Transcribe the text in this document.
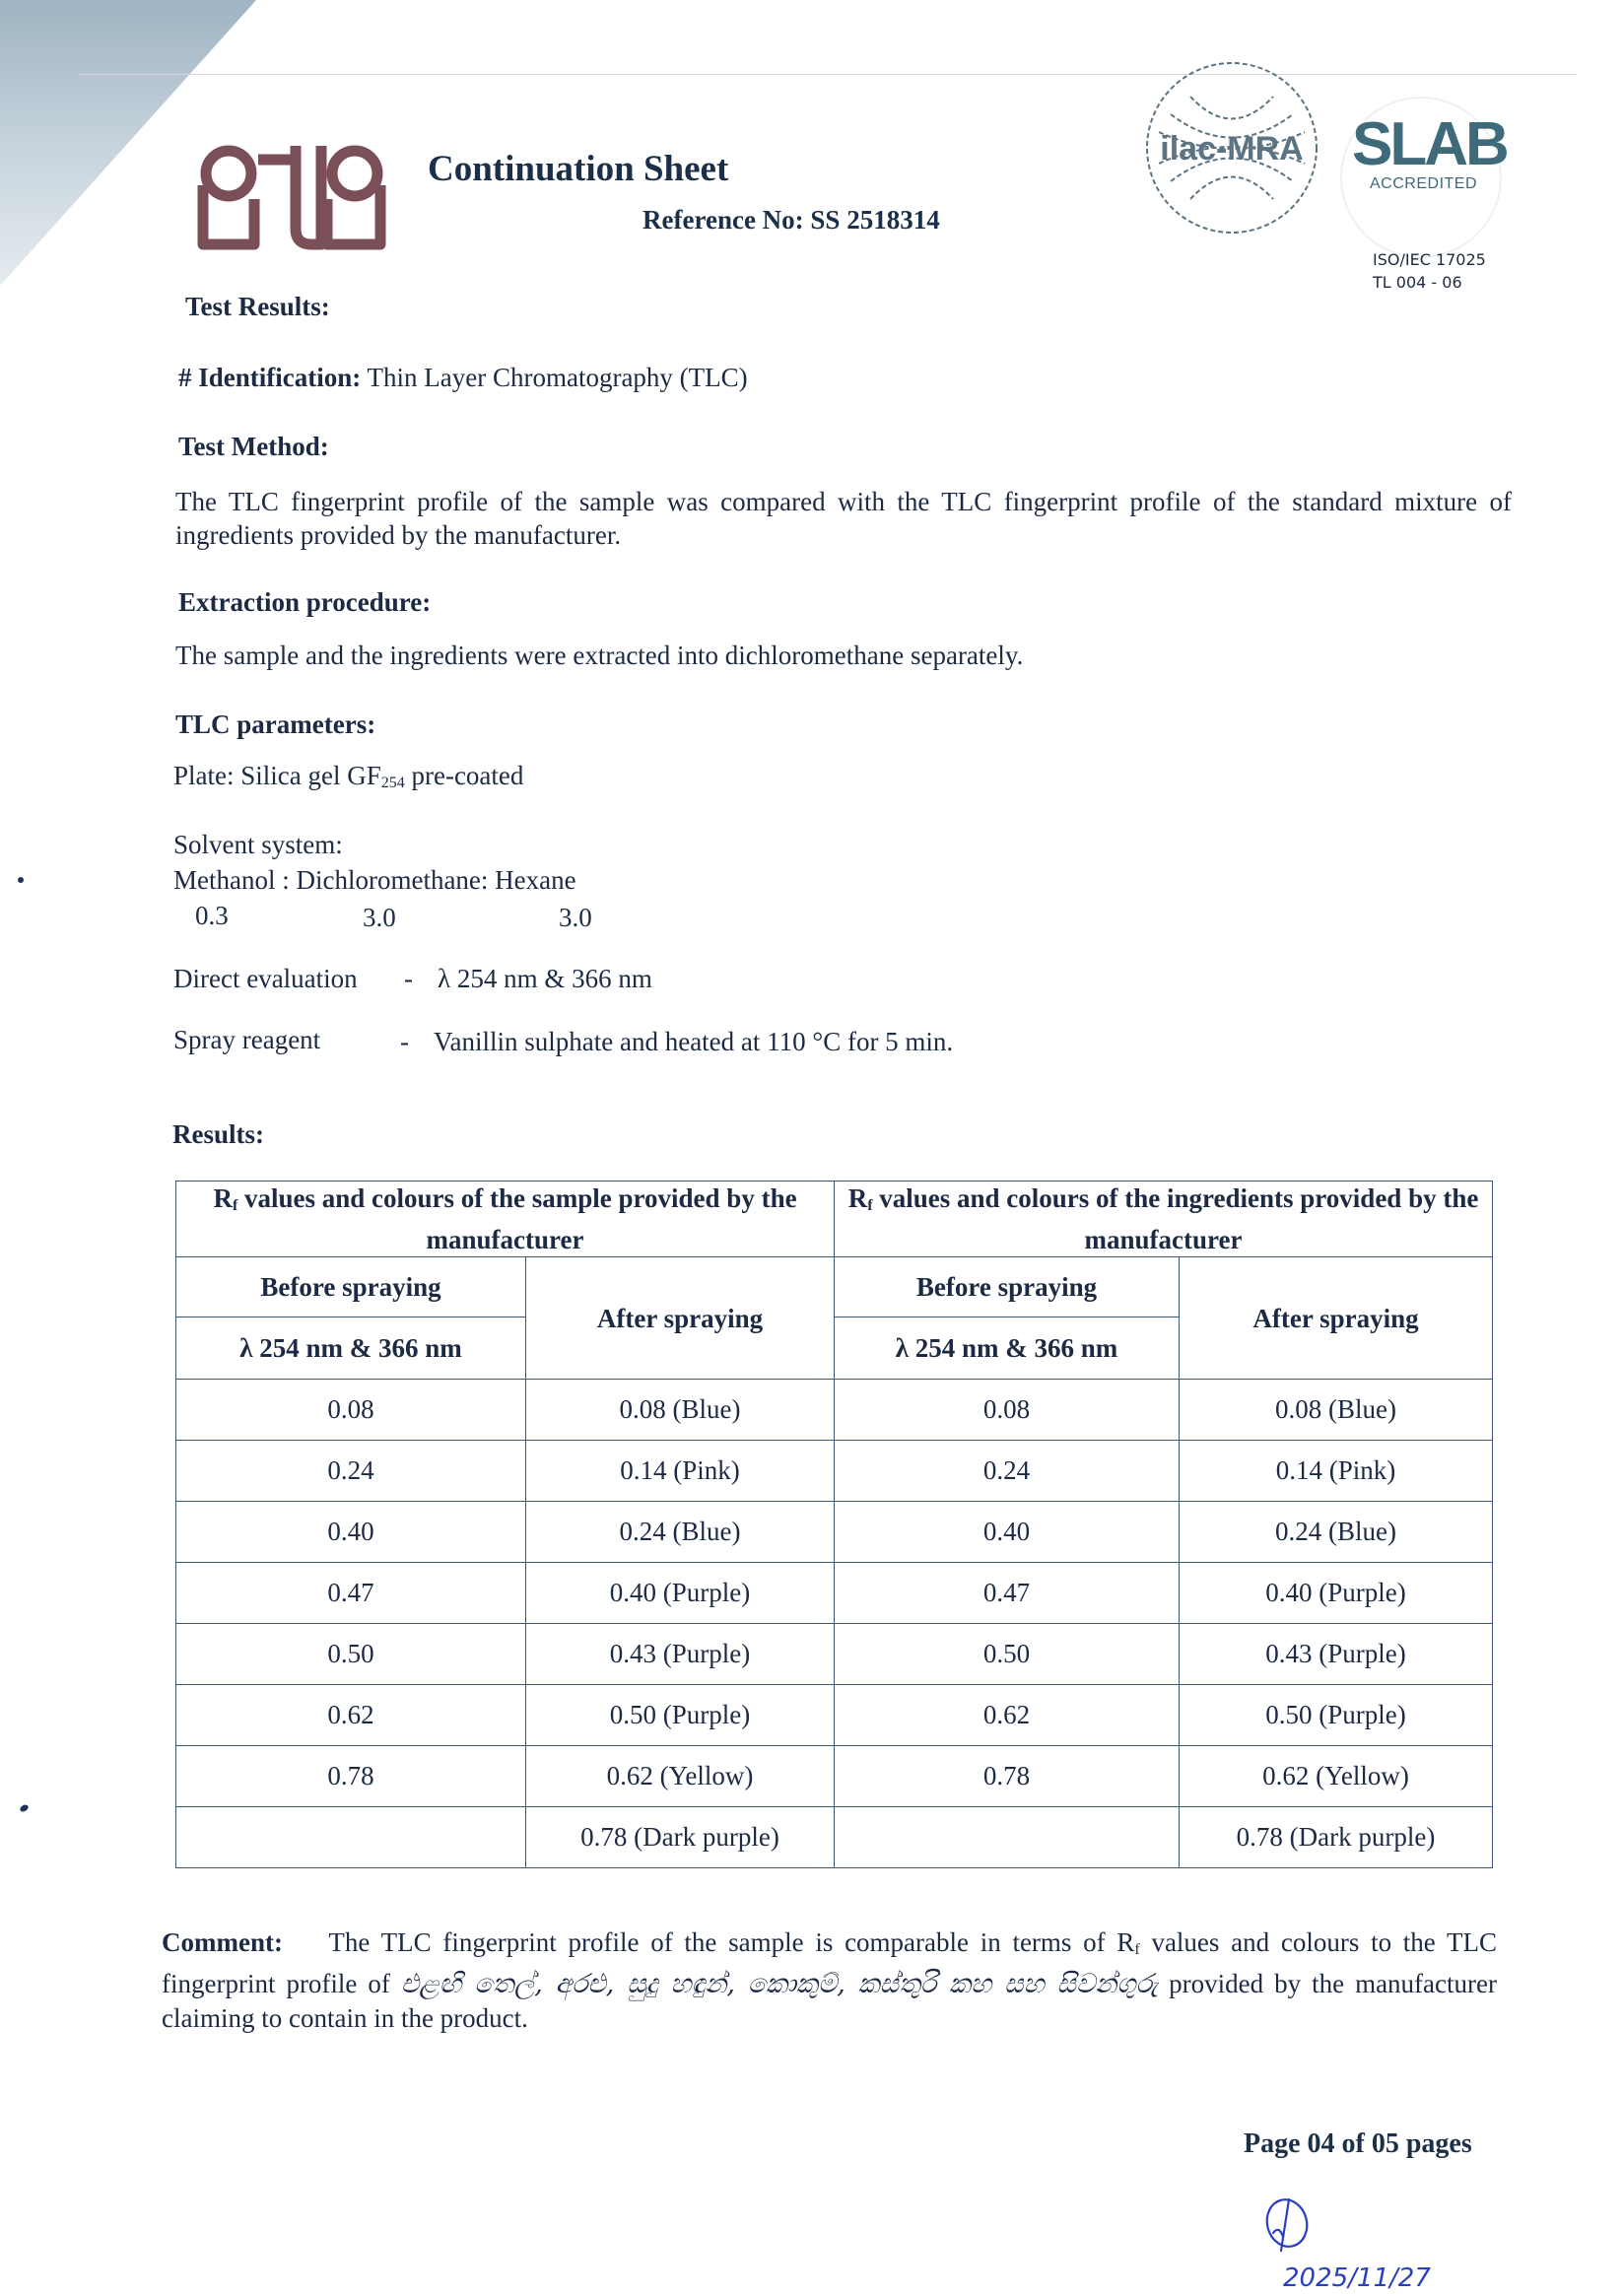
Continuation Sheet
Reference No: SS 2518314
ilac-MRA SLAB
ACCREDITED
ISO/IEC 17025
TL 004 - 06
Test Results:
# Identification: Thin Layer Chromatography (TLC)
Test Method:
The TLC fingerprint profile of the sample was compared with the TLC fingerprint profile of the standard mixture of ingredients provided by the manufacturer.
Extraction procedure:
The sample and the ingredients were extracted into dichloromethane separately.
TLC parameters:
Plate: Silica gel $GF_{254}$ pre-coated
Solvent system:
Methanol : Dichloromethane: Hexane
0.3	3.0	3.0
Direct evaluation - λ 254 nm & 366 nm
Spray reagent	- Vanillin sulphate and heated at 110 °C for 5 min.
Results:
$R_f$ values and colours of the sample provided by the manufacturer		$R_f$ values and colours of the ingredients provided by the manufacturer	
Before spraying	After spraying	Before spraying	After spraying
λ 254 nm & 366 nm		λ 254 nm & 366 nm	
0.08	0.08 (Blue)	0.08	0.08 (Blue)
0.24	0.14 (Pink)	0.24	0.14 (Pink)
0.40	0.24 (Blue)	0.40	0.24 (Blue)
0.47	0.40 (Purple)	0.47	0.40 (Purple)
0.50	0.43 (Purple)	0.50	0.43 (Purple)
0.62	0.50 (Purple)	0.62	0.50 (Purple)
0.78	0.62 (Yellow)	0.78	0.62 (Yellow)
	0.78 (Dark purple)		0.78 (Dark purple)
Comment: The TLC fingerprint profile of the sample is comparable in terms of $R_f$ values and colours to the TLC fingerprint profile of එළඟි තෙල්, අරළු, සුදු හඳුන්, කොකුම්, කස්තුරි කහ සහ සිවන්ගුරු provided by the manufacturer claiming to contain in the product.
Page 04 of 05 pages
2025/11/27
